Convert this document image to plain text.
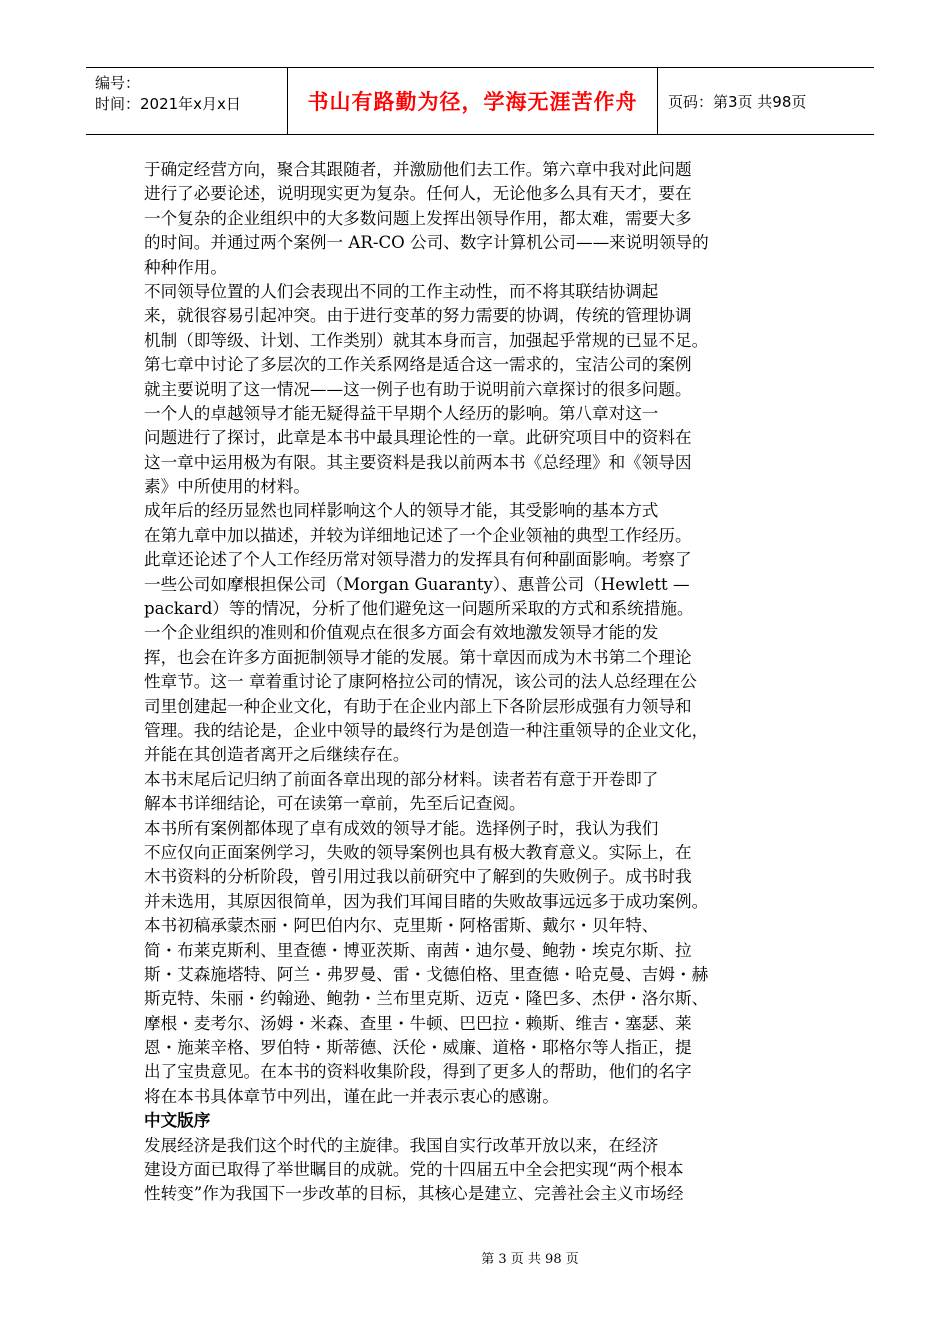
编号：
时间：2021年x月x日	书山有路勤为径，学海无涯苦作舟	页码：第3页 共98页
于确定经营方向，聚合其跟随者，并激励他们去工作。第六章中我对此问题
进行了必要论述，说明现实更为复杂。任何人，无论他多么具有天才，要在
一个复杂的企业组织中的大多数问题上发挥出领导作用，都太难，需要大多
的时间。并通过两个案例一 AR-CO 公司、数字计算机公司——来说明领导的
种种作用。
不同领导位置的人们会表现出不同的工作主动性，而不将其联结协调起
来，就很容易引起冲突。由于进行变革的努力需要的协调，传统的管理协调
机制（即等级、计划、工作类别）就其本身而言，加强起乎常规的已显不足。
第七章中讨论了多层次的工作关系网络是适合这一需求的，宝洁公司的案例
就主要说明了这一情况——这一例子也有助于说明前六章探讨的很多问题。
一个人的卓越领导才能无疑得益干早期个人经历的影响。第八章对这一
问题进行了探讨，此章是本书中最具理论性的一章。此研究项目中的资料在
这一章中运用极为有限。其主要资料是我以前两本书《总经理》和《领导因
素》中所使用的材料。
成年后的经历显然也同样影响这个人的领导才能，其受影响的基本方式
在第九章中加以描述，并较为详细地记述了一个企业领袖的典型工作经历。
此章还论述了个人工作经历常对领导潜力的发挥具有何种副面影响。考察了
一些公司如摩根担保公司（Morgan Guaranty）、惠普公司（Hewlett —
packard）等的情况，分析了他们避免这一问题所采取的方式和系统措施。
一个企业组织的准则和价值观点在很多方面会有效地激发领导才能的发
挥，也会在许多方面扼制领导才能的发展。第十章因而成为木书第二个理论
性章节。这一 章着重讨论了康阿格拉公司的情况，该公司的法人总经理在公
司里创建起一种企业文化，有助于在企业内部上下各阶层形成强有力领导和
管理。我的结论是，企业中领导的最终行为是创造一种注重领导的企业文化，
并能在其创造者离开之后继续存在。
本书末尾后记归纳了前面各章出现的部分材料。读者若有意于开卷即了
解本书详细结论，可在读第一章前，先至后记查阅。
本书所有案例都体现了卓有成效的领导才能。选择例子时，我认为我们
不应仅向正面案例学习，失败的领导案例也具有极大教育意义。实际上，在
木书资料的分析阶段，曾引用过我以前研究中了解到的失败例子。成书时我
并未选用，其原因很简单，因为我们耳闻目睹的失败故事远远多于成功案例。
本书初稿承蒙杰丽・阿巴伯内尔、克里斯・阿格雷斯、戴尔・贝年特、
简・布莱克斯利、里查德・博亚茨斯、南茜・迪尔曼、鲍勃・埃克尔斯、拉
斯・艾森施塔特、阿兰・弗罗曼、雷・戈德伯格、里查德・哈克曼、吉姆・赫
斯克特、朱丽・约翰逊、鲍勃・兰布里克斯、迈克・隆巴多、杰伊・洛尔斯、
摩根・麦考尔、汤姆・米森、查里・牛顿、巴巴拉・赖斯、维吉・塞瑟、莱
恩・施莱辛格、罗伯特・斯蒂德、沃伦・威廉、道格・耶格尔等人指正，提
出了宝贵意见。在本书的资料收集阶段，得到了更多人的帮助，他们的名字
将在本书具体章节中列出，谨在此一并表示衷心的感谢。
中文版序
发展经济是我们这个时代的主旋律。我国自实行改革开放以来，在经济
建设方面已取得了举世瞩目的成就。党的十四届五中全会把实现“两个根本
性转变”作为我国下一步改革的目标，其核心是建立、完善社会主义市场经
第 3 页 共 98 页
